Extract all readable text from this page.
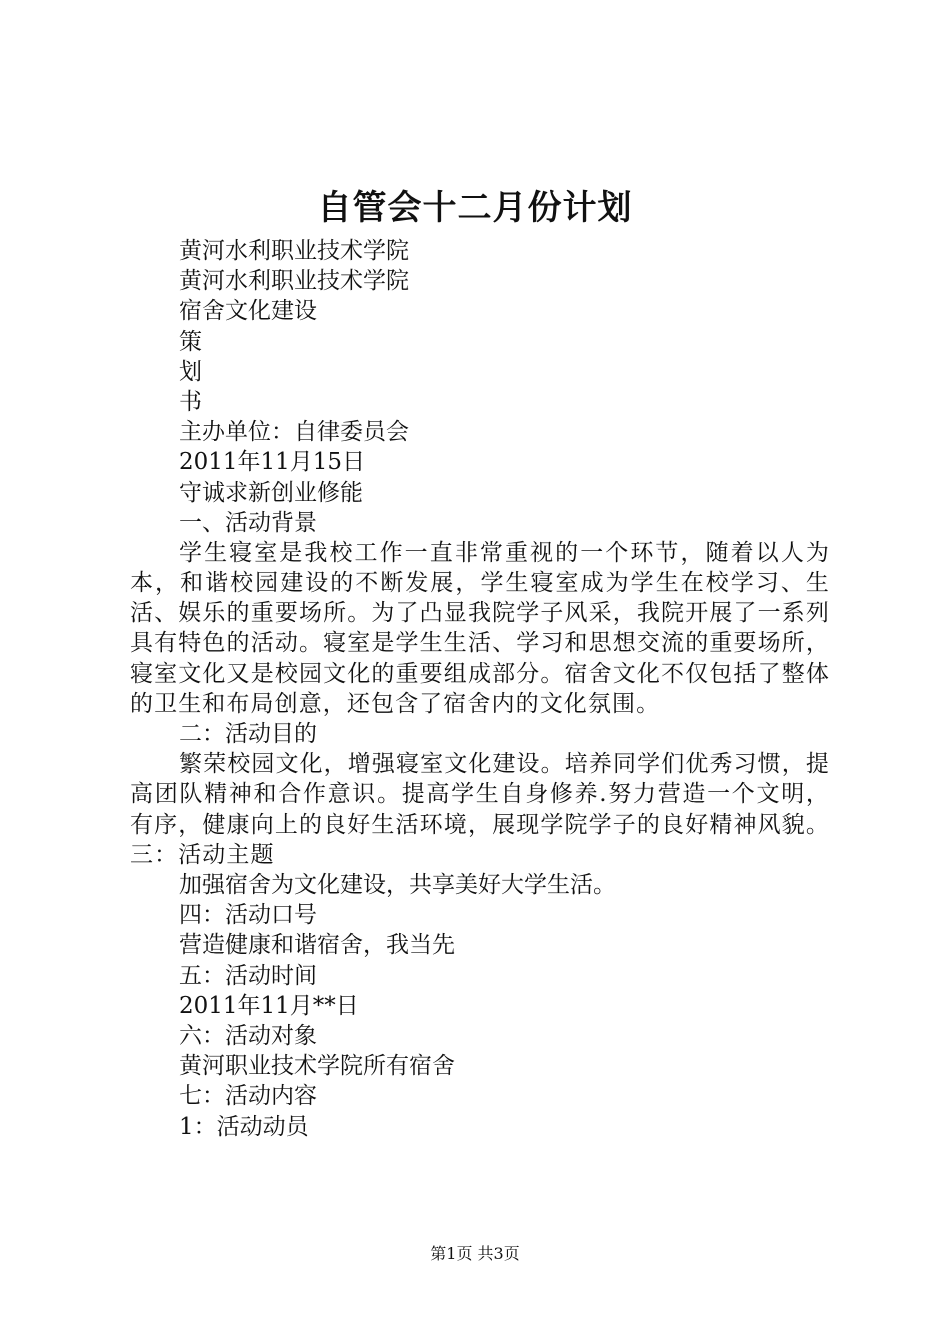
自管会十二月份计划
黄河水利职业技术学院
黄河水利职业技术学院
宿舍文化建设
策
划
书
主办单位：自律委员会
2011年11月15日
守诚求新创业修能
一、活动背景

学生寝室是我校工作一直非常重视的一个环节，随着以人为本，和谐校园建设的不断发展，学生寝室成为学生在校学习、生活、娱乐的重要场所。为了凸显我院学子风采，我院开展了一系列具有特色的活动。寝室是学生生活、学习和思想交流的重要场所，寝室文化又是校园文化的重要组成部分。宿舍文化不仅包括了整体的卫生和布局创意，还包含了宿舍内的文化氛围。

二：活动目的

繁荣校园文化，增强寝室文化建设。培养同学们优秀习惯，提高团队精神和合作意识。提高学生自身修养.努力营造一个文明，有序，健康向上的良好生活环境，展现学院学子的良好精神风貌。三：活动主题

加强宿舍为文化建设，共享美好大学生活。
四：活动口号
营造健康和谐宿舍，我当先
五：活动时间
2011年11月**日
六：活动对象
黄河职业技术学院所有宿舍
七：活动内容
1：活动动员
第1页 共3页
